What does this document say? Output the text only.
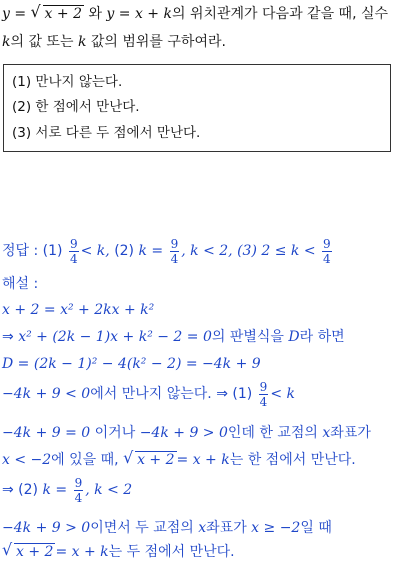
y = √ x + 2 와 y = x + k의 위치관계가 다음과 같을 때, 실수
k의 값 또는 k 값의 범위를 구하여라.
(1) 만나지 않는다.
(2) 한 점에서 만난다.
(3) 서로 다른 두 점에서 만난다.
정답 : $(1) \frac{9}{4} < k$, (2) $k = \frac{9}{4}$ , k < 2, (3) $2 \le k < \frac{9}{4}$
해설 :
x + 2 = x² + 2kx + k²
⇒ x² + (2k − 1)x + k² − 2 = 0의 판별식을 D라 하면
D = (2k − 1)² − 4(k² − 2) = −4k + 9
−4k + 9 < 0에서 만나지 않는다. ⇒ $(1) \frac{9}{4} < k$
−4k + 9 = 0 이거나 −4k + 9 > 0인데 한 교점의 x좌표가
x < −2에 있을 때, √ x + 2 = x + k는 한 점에서 만난다.
⇒ (2) $k = \frac{9}{4}$ , k < 2
−4k + 9 > 0이면서 두 교점의 x좌표가 x ≥ −2일 때
√ x + 2 = x + k는 두 점에서 만난다.
